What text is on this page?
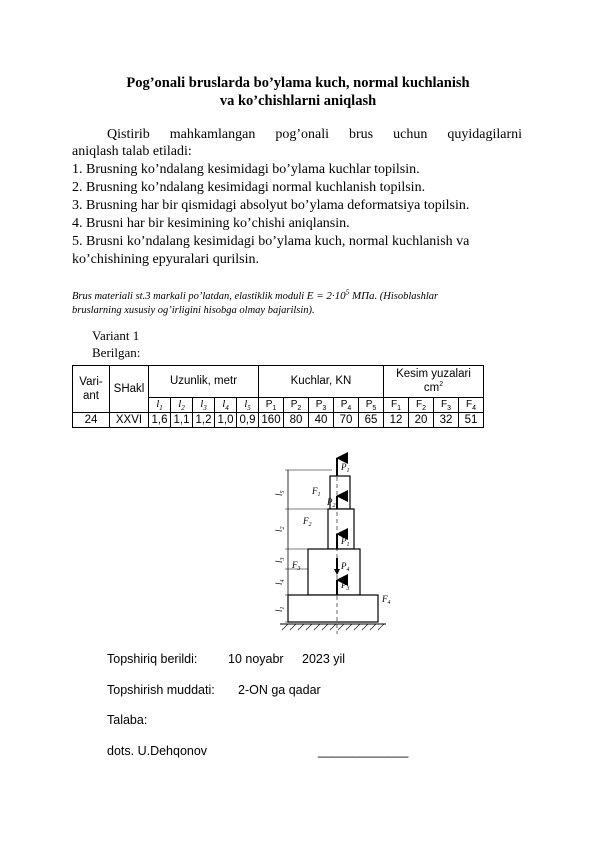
Pog’onali bruslarda bo’ylama kuch, normal kuchlanish
va ko’chishlarni aniqlash
Qistirib mahkamlangan pog’onali brus uchun quyidagilarni
aniqlash talab etiladi:
1. Brusning ko’ndalang kesimidagi bo’ylama kuchlar topilsin.
2. Brusning ko’ndalang kesimidagi normal kuchlanish topilsin.
3. Brusning har bir qismidagi absolyut bo’ylama deformatsiya topilsin.
4. Brusni har bir kesimining ko’chishi aniqlansin.
5. Brusni ko’ndalang kesimidagi bo’ylama kuch, normal kuchlanish va
ko’chishining epyuralari qurilsin.
Brus materiali st.3 markali po’latdan, elastiklik moduli $E = 2\cdot 10^5$ МПа. (Hisoblashlar
bruslarning xususiy og’irligini hisobga olmay bajarilsin).
Variant 1
Berilgan:
Vari-ant	SHakl	Uzunlik, metr					Kuchlar, KN					Kesim yuzalari
$cm^2$
		$l_1$	$l_2$	$l_3$	$l_4$	$l_5$	$P_1$	$P_2$	$P_3$	$P_4$	$P_5$	$F_1$	$F_2$	$F_3$	$F_4$
24	XXVI	1,6	1,1	1,2	1,0	0,9	160	80	40	70	65	12	20	32	51
$l_5$
$l_2$
$l_3$
$l_4$
$l_1$
$P_1$
$F_1$
$P_2$
$F_2$
$P_1$
$F_3$	$P_4$
$P_3$
$F_4$
Topshiriq berildi: 10 noyabr 2023 yil
Topshirish muddati: 2-ON ga qadar
Talaba:
dots. U.Dehqonov	_____________
